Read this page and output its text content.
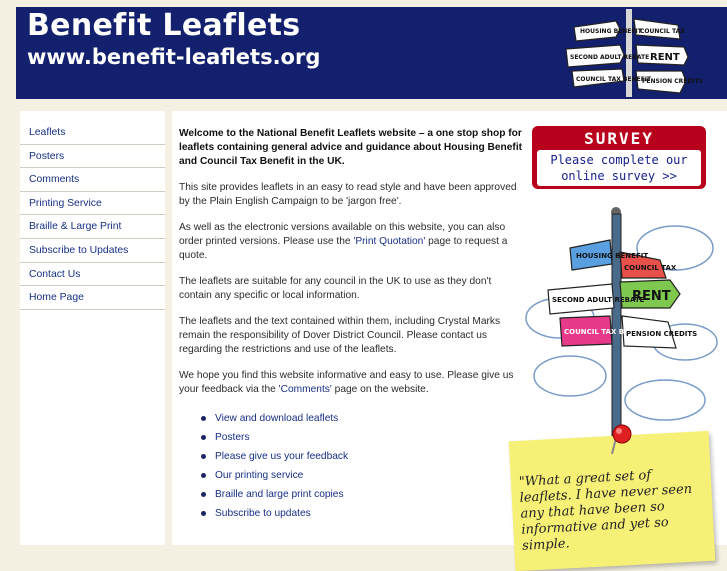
Benefit Leaflets
www.benefit-leaflets.org
HOUSING BENEFIT
COUNCIL TAX
SECOND ADULT REBATE RENT
COUNCIL TAX BENEFIT
PENSION CREDITS
Leaflets
Posters
Comments
Printing Service
Braille & Large Print
Subscribe to Updates
Contact Us
Home Page

Welcome to the National Benefit Leaflets website – a one stop shop for leaflets containing general advice and guidance about Housing Benefit and Council Tax Benefit in the UK.

This site provides leaflets in an easy to read style and have been approved by the Plain English Campaign to be 'jargon free'.

As well as the electronic versions available on this website, you can also order printed versions. Please use the 'Print Quotation' page to request a quote.

The leaflets are suitable for any council in the UK to use as they don't contain any specific or local information.

The leaflets and the text contained within them, including Crystal Marks remain the responsibility of Dover District Council. Please contact us regarding the restrictions and use of the leaflets.

We hope you find this website informative and easy to use. Please give us your feedback via the 'Comments' page on the website.

View and download leaflets
Posters
Please give us your feedback
Our printing service
Braille and large print copies
Subscribe to updates
SURVEY
Please complete our
online survey >>
HOUSING BENEFIT
COUNCIL TAX
SECOND ADULT REBATE
RENT
COUNCIL TAX BENEFIT
PENSION CREDITS
"What a great set of leaflets. I have never seen any that have been so informative and yet so simple.
